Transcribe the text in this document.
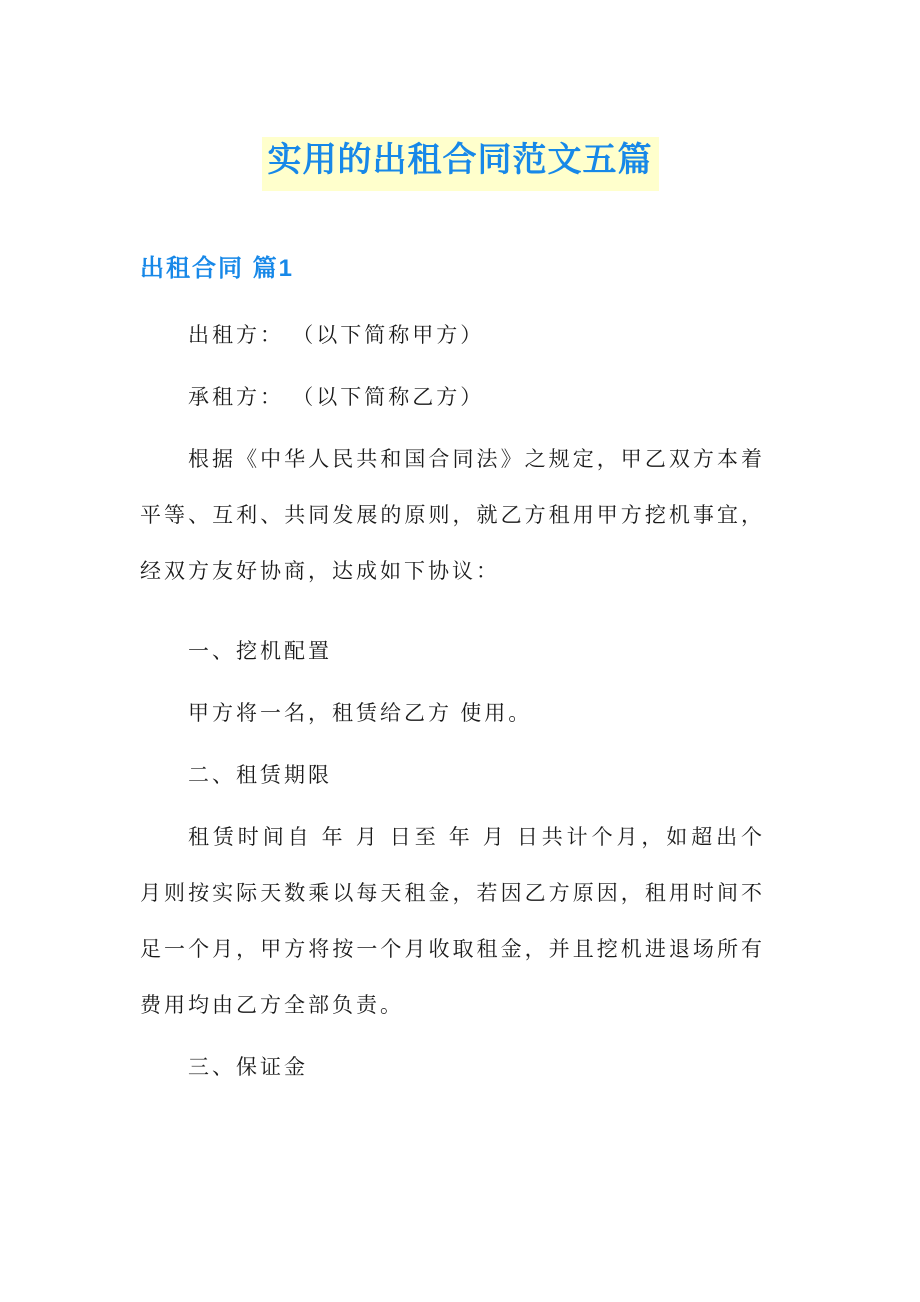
实用的出租合同范文五篇
出租合同 篇1

出租方： （以下简称甲方）

承租方： （以下简称乙方）

根据《中华人民共和国合同法》之规定，甲乙双方本着平等、互利、共同发展的原则，就乙方租用甲方挖机事宜，经双方友好协商，达成如下协议：

一、挖机配置

甲方将一名，租赁给乙方 使用。

二、租赁期限

租赁时间自 年 月 日至 年 月 日共计个月，如超出个月则按实际天数乘以每天租金，若因乙方原因，租用时间不足一个月，甲方将按一个月收取租金，并且挖机进退场所有费用均由乙方全部负责。

三、保证金
